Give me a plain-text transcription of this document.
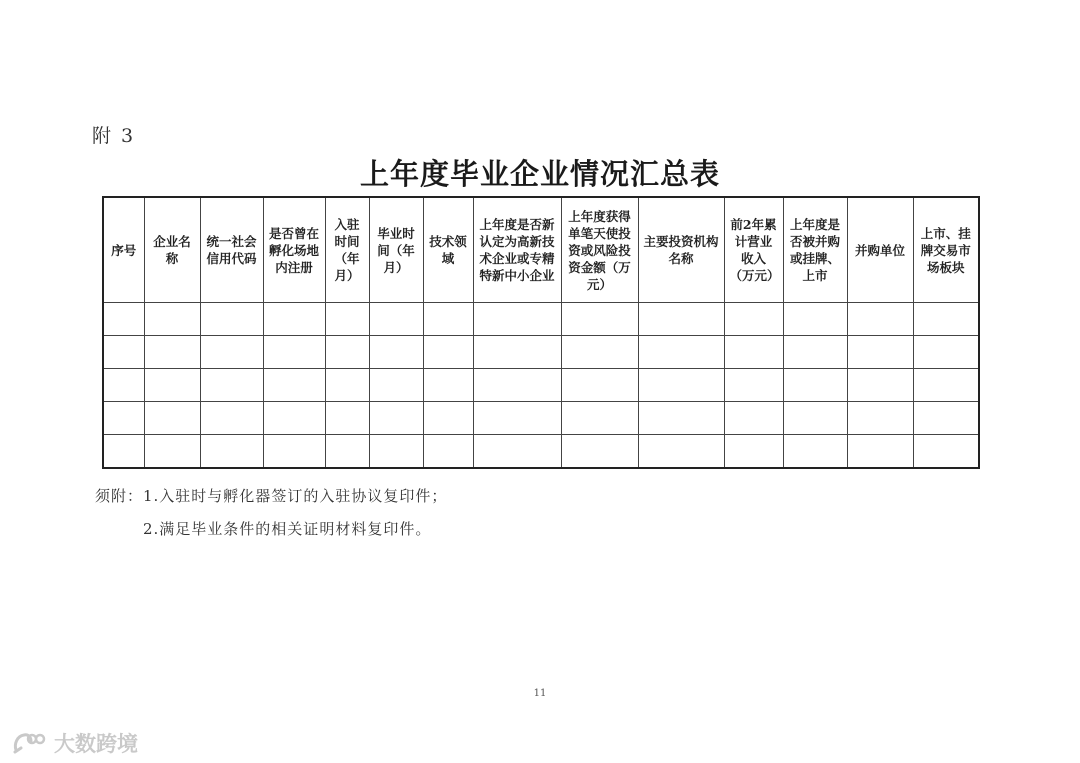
附 3
上年度毕业企业情况汇总表
序号	企业名称	统一社会信用代码	是否曾在孵化场地内注册	入驻时间（年月）	毕业时间（年月）	技术领域	上年度是否新认定为高新技术企业或专精特新中小企业	上年度获得单笔天使投资或风险投资金额（万元）	主要投资机构名称	前2年累计营业收入（万元）	上年度是否被并购或挂牌、上市	并购单位	上市、挂牌交易市场板块

须附：1.入驻时与孵化器签订的入驻协议复印件；
2.满足毕业条件的相关证明材料复印件。
11
大数跨境
